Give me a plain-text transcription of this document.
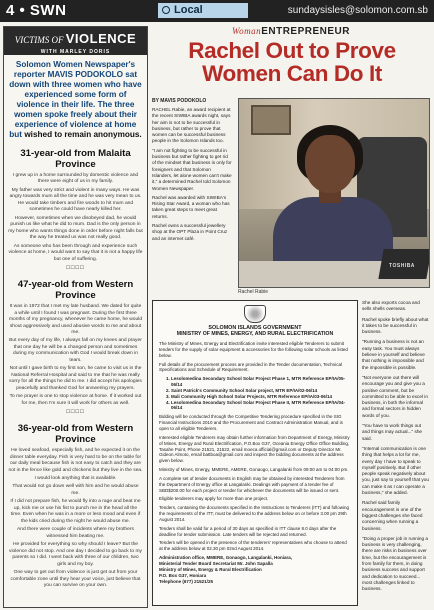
4 • SWN	Local	sundaysisles@solomon.com.sb
VICTIMS OF VIOLENCE
WITH MARLEY DORIS
Solomon Women Newspaper's reporter MAVIS PODOKOLO sat down with three women who have experienced some form of violence in their life. The three women spoke freely about their experience of violence at home but wished to remain anonymous.
31-year-old from Malaita Province

I grew up in a home surrounded by domestic violence and there were eight of us in my family.

My father was very strict and violent in many ways. He was angry towards mum all the time and he was very mean to us. He would take timbers and fire woods to hit mum and sometimes he could have nearly killed her.

However, sometimes when we disobeyed dad, he would punish us like what he did to mum. Dad is the only person in my home who wants things done in order before night falls but the way he treated us was not really good.

As someone who has been through and experience such violence at home, I would want to say that it is not a happy life but one of suffering.

□□□□
47-year-old from Western Province

It was in 1972 that I met my late husband. We dated for quite a while until I found I was pregnant. During the first three months of my pregnancy, whenever he came home, he would shout aggressively and used abusive words to me and about me.

But every day of my life, I always fall on my knees and prayer that one day he will be a changed person and sometimes during my communication with God I would break down in tears.

Not until I gave birth to my first son, he came to visit us in the National Referral Hospital and said to me that he was really sorry for all the things he did to me. I did accept his apologies peacefully and thanked God for answering my prayers.

To me prayer is one to stop violence at home. If it worked out for me, then I'm sure it will work for others as well.

□□□□
36-year-old from Western Province

He loved seafood, especially fish, and he expected it on the dinner table everyday. Fish is very hard to be on the table for our daily meal because fish is not easy to catch and they are not in the fence like gold and chickens but they live in the sea.

I would look anything that is available.

That would not go down well with him and he would abuse me.

If I did not prepare fish, he would fly into a rage and beat me up, kick me or use his fist to punch me in the head all the time. Even when he was in a more or less mood and even if the kids cried during the night he would abuse me.

And there were couple of incidents where my brothers witnessed him beating me.

He provided for everything so why should I leave? But the violence did not stop. And one day I decided to go back to my parents so I did. I went back with three of our children, two girls and my boy.

One way to get out from violence is just get out from your comfortable zone until they hear your voice, just believe that you can survive on your own.

WomanENTREPRENEUR
Rachel Out to Prove Women Can Do It
BY MAVIS PODOKOLO

RACHEL Rabie, an award recipient at the recent SIWIBA awards night, says her aim is not to be successful in business, but rather to prove that women can be successful business people in the Solomon Islands too.

"I am not fighting to be successful in business but rather fighting to get rid of the mindset that business is only for foreigners and that Solomon Islanders, let alone women can't make it," a determined Rachel told Solomon Women Newspaper.

Rachel was awarded with SIWIBA's Rising Star Award, a woman who has taken great steps to meet great returns.

Rachel owns a successful jewellery shop at the OPT Plaza in Point Cruz and an internet café.

TOSHIBA
Rachel Rabie
SOLOMON ISLANDS GOVERNMENT
MINISTRY OF MINES, ENERGY, AND RURAL ELECTRIFICATION

The Ministry of Mines, Energy and Electrification invite interested eligible Tenderers to submit tenders for the supply of solar equipment & accessories for the following solar schools as listed below.

Full details of the procurement process are provided in the Tender documentation, Technical Specifications and Schedule of Requirement.

1. Lesolomedina Secondary School Solar Project Phase 1, MTR Reference EP/IA/05-06/14
2. Saint Patrick's Community School Solar project, MTR EP/IA/02-06/14
3. Mali Community High School Solar Projects, MTR Reference EP/IA/03-06/14
4. Lesolomedina Secondary School Solar Project Phase II, MTR Reference EP/IA/04-06/14

Bidding will be conducted through the Competitive Tendering procedure specified in the SIG Financial Instructions 2010 and the Procurement and Contract Administration Manual, and is open to all eligible Tenderers.

Interested eligible Tenderers may obtain further information from Department of Energy, Ministry of Mines, Energy and Rural Electrification, P.O.Box G37, Oceania Energy Office Office Building, Tasahe Point, Phone 21521, 21522, email moeca.official@gmail.com or Deputy Director Mr. Gideon Almoto, email battboa@gmail.com and inspect the bidding documents at the address given below.

Ministry of Mines, Energy, MMERE, AMERE, Gonaogo, Langalanki from 09:00 am to 04:00 pm.

A complete set of tender documents in English may be obtained by interested Tenderers from the Department of Energy office at Langalanki. Dealings with payment of a tender fee of SBD$200.00 for each project or tender for whichever the documents will be issued or sent.

Eligible tenderers may apply for more than one project.

Tenders, containing the documents specified in the Instructions to Tenderers (ITT) and following the requirements of the ITT, must be delivered to the address below on or before 3.00 pm 29th August 2014.

Tenders shall be valid for a period of 30 days as specified in ITT clause 8.0 days after the deadline for tender submission. Late tenders will be rejected and returned.

Tenders will be opened in the presence of the tenderers' representatives who choose to attend at the address below at 02.30 pm 02nd August 2014.

Administration office, MMERE, Gonaogo, Langalanki, Honiara,
Ministerial Tender Board Secretariat Mr. John Sapalla
Ministry of Mines, Energy & Rural Electrification
P.O. Box G37, Honiara
Telephone (677) 21521/25

She also exports cocoa and sells shells overseas.

Rachel spoke briefly about what it takes to be successful in business.

"Running a business is not an easy task. You must always believe in yourself and believe that nothing is impossible and the impossible is possible.

"Not everyone out there will encourage you and give you a positive comment, but be committed to be able to excel in business, in both the informal and formal sectors in hidden words of you.

"You have to work things out and things may actual..." she said.

"Internal communication is one thing that helps a lot for me, every day I have to speak to myself positively. But if other people speak negatively about you, just say to yourself that you can make it as I can operate a business," she added.

Rachel said family encouragement is one of the biggest challenges she faced concerning when running a business.

"Doing a proper job in running a business is very challenging, there are risks in business over time, but the encouragement is from family for them, in doing business success and support and dedication to succeed... most challenges linked to business.
